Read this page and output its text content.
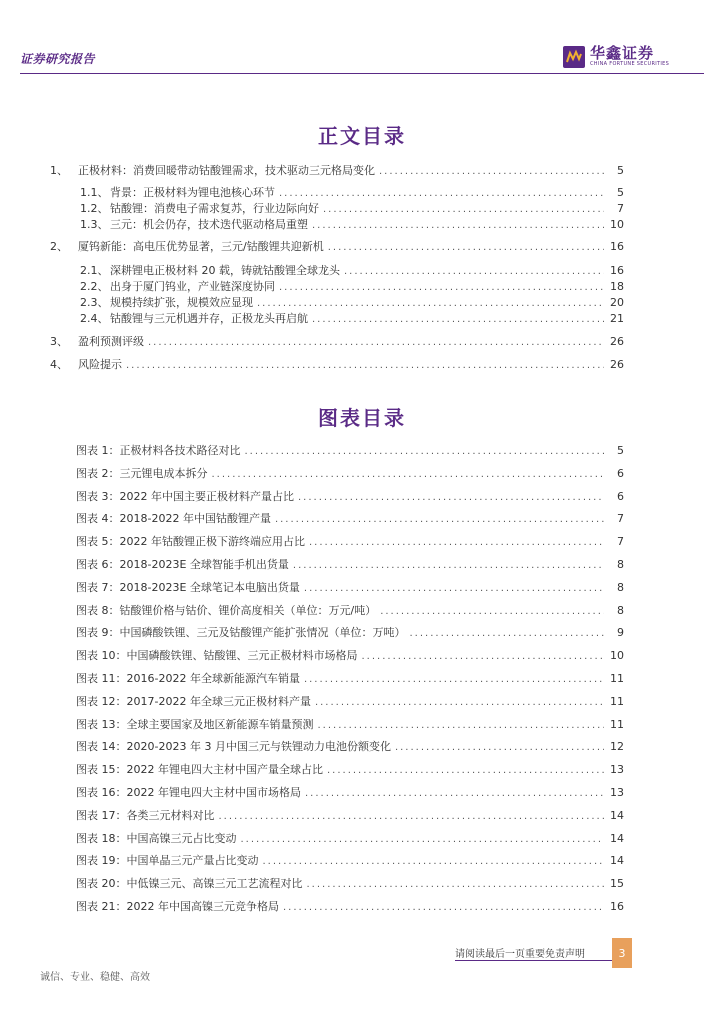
证券研究报告	华鑫证券
CHINA FORTUNE SECURITIES
正文目录
1、 正极材料：消费回暖带动钴酸锂需求，技术驱动三元格局变化 .....	5
1.1、 背景：正极材料为锂电池核心环节 .....	5
1.2、 钴酸锂：消费电子需求复苏，行业边际向好 .....	7
1.3、 三元：机会仍存，技术迭代驱动格局重塑 .....	10
2、 厦钨新能：高电压优势显著，三元/钴酸锂共迎新机 .....	16
2.1、 深耕锂电正极材料 20 载，铸就钴酸锂全球龙头 .....	16
2.2、 出身于厦门钨业，产业链深度协同 .....	18
2.3、 规模持续扩张，规模效应显现 .....	20
2.4、 钴酸锂与三元机遇并存，正极龙头再启航 .....	21
3、 盈利预测评级 .....	26
4、 风险提示 .....	26
图表目录
图表 1：正极材料各技术路径对比 .....	5
图表 2：三元锂电成本拆分 .....	6
图表 3：2022 年中国主要正极材料产量占比 .....	6
图表 4：2018-2022 年中国钴酸锂产量 .....	7
图表 5：2022 年钴酸锂正极下游终端应用占比 .....	7
图表 6：2018-2023E 全球智能手机出货量 .....	8
图表 7：2018-2023E 全球笔记本电脑出货量 .....	8
图表 8：钴酸锂价格与钴价、锂价高度相关（单位：万元/吨） .....	8
图表 9：中国磷酸铁锂、三元及钴酸锂产能扩张情况（单位：万吨） .....	9
图表 10：中国磷酸铁锂、钴酸锂、三元正极材料市场格局 .....	10
图表 11：2016-2022 年全球新能源汽车销量 .....	11
图表 12：2017-2022 年全球三元正极材料产量 .....	11
图表 13：全球主要国家及地区新能源车销量预测 .....	11
图表 14：2020-2023 年 3 月中国三元与铁锂动力电池份额变化 .....	12
图表 15：2022 年锂电四大主材中国产量全球占比 .....	13
图表 16：2022 年锂电四大主材中国市场格局 .....	13
图表 17：各类三元材料对比 .....	14
图表 18：中国高镍三元占比变动 .....	14
图表 19：中国单晶三元产量占比变动 .....	14
图表 20：中低镍三元、高镍三元工艺流程对比 .....	15
图表 21：2022 年中国高镍三元竞争格局 .....	16
请阅读最后一页重要免责声明	3
诚信、专业、稳健、高效
